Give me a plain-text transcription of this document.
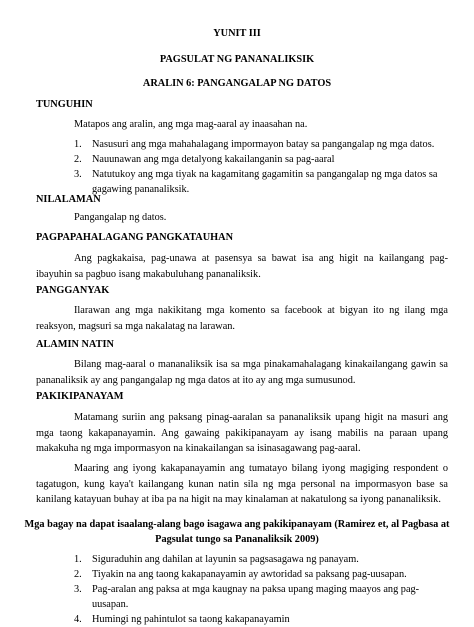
YUNIT III
PAGSULAT NG PANANALIKSIK
ARALIN 6: PANGANGALAP NG DATOS
TUNGUHIN
Matapos ang aralin, ang mga mag-aaral ay inaasahan na.
1. Nasusuri ang mga mahahalagang impormayon batay sa pangangalap ng mga datos.
2. Nauunawan ang mga detalyong kakailanganin sa pag-aaral
3. Natutukoy ang mga tiyak na kagamitang gagamitin sa pangangalap ng mga datos sa gagawing pananaliksik.
NILALAMAN
Pangangalap ng datos.
PAGPAPAHALAGANG PANGKATAUHAN
Ang pagkakaisa, pag-unawa at pasensya sa bawat isa ang higit na kailangang pag-ibayuhin sa pagbuo isang makabuluhang pananaliksik.
PANGGANYAK
Ilarawan ang mga nakikitang mga komento sa facebook at bigyan ito ng ilang mga reaksyon, magsuri sa mga nakalatag na larawan.
ALAMIN NATIN
Bilang mag-aaral o mananaliksik isa sa mga pinakamahalagang kinakailangang gawin sa pananaliksik ay ang pangangalap ng mga datos at ito ay ang mga sumusunod.
PAKIKIPANAYAM
Matamang suriin ang paksang pinag-aaralan sa pananaliksik upang higit na masuri ang mga taong kakapanayamin. Ang gawaing pakikipanayam ay isang mabilis na paraan upang makakuha ng mga impormasyon na kinakailangan sa isinasagawang pag-aaral.
Maaring ang iyong kakapanayamin ang tumatayo bilang iyong magiging respondent o tagatugon, kung kaya't kailangang kunan natin sila ng mga personal na impormasyon base sa kanilang katayuan buhay at iba pa na higit na may kinalaman at nakatulong sa iyong pananaliksik.
Mga bagay na dapat isaalang-alang bago isagawa ang pakikipanayam (Ramirez et, al Pagbasa at
Pagsulat tungo sa Pananaliksik 2009)
1. Siguraduhin ang dahilan at layunin sa pagsasagawa ng panayam.
2. Tiyakin na ang taong kakapanayamin ay awtoridad sa paksang pag-uusapan.
3. Pag-aralan ang paksa at mga kaugnay na paksa upang maging maayos ang pag-uusapan.
4. Humingi ng pahintulot sa taong kakapanayamin
